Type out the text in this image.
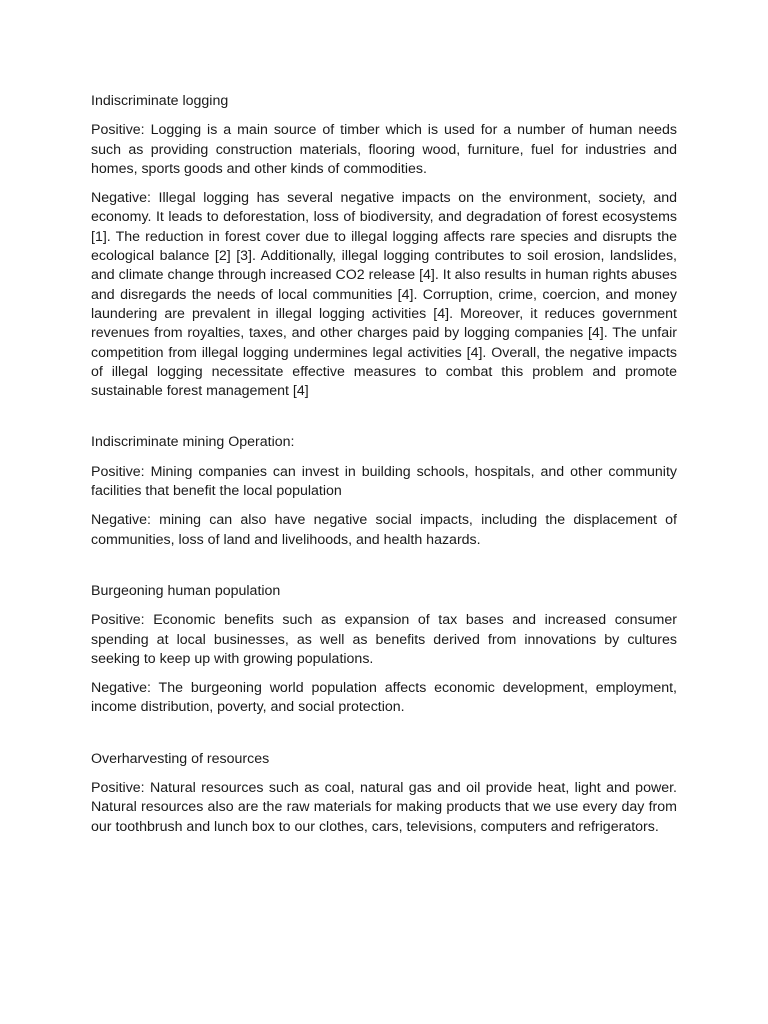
Indiscriminate logging

Positive: Logging is a main source of timber which is used for a number of human needs such as providing construction materials, flooring wood, furniture, fuel for industries and homes, sports goods and other kinds of commodities.

Negative: Illegal logging has several negative impacts on the environment, society, and economy. It leads to deforestation, loss of biodiversity, and degradation of forest ecosystems [1]. The reduction in forest cover due to illegal logging affects rare species and disrupts the ecological balance [2] [3]. Additionally, illegal logging contributes to soil erosion, landslides, and climate change through increased CO2 release [4]. It also results in human rights abuses and disregards the needs of local communities [4]. Corruption, crime, coercion, and money laundering are prevalent in illegal logging activities [4]. Moreover, it reduces government revenues from royalties, taxes, and other charges paid by logging companies [4]. The unfair competition from illegal logging undermines legal activities [4]. Overall, the negative impacts of illegal logging necessitate effective measures to combat this problem and promote sustainable forest management [4]

Indiscriminate mining Operation:

Positive: Mining companies can invest in building schools, hospitals, and other community facilities that benefit the local population

Negative: mining can also have negative social impacts, including the displacement of communities, loss of land and livelihoods, and health hazards.

Burgeoning human population

Positive: Economic benefits such as expansion of tax bases and increased consumer spending at local businesses, as well as benefits derived from innovations by cultures seeking to keep up with growing populations.

Negative: The burgeoning world population affects economic development, employment, income distribution, poverty, and social protection.

Overharvesting of resources

Positive: Natural resources such as coal, natural gas and oil provide heat, light and power. Natural resources also are the raw materials for making products that we use every day from our toothbrush and lunch box to our clothes, cars, televisions, computers and refrigerators.
